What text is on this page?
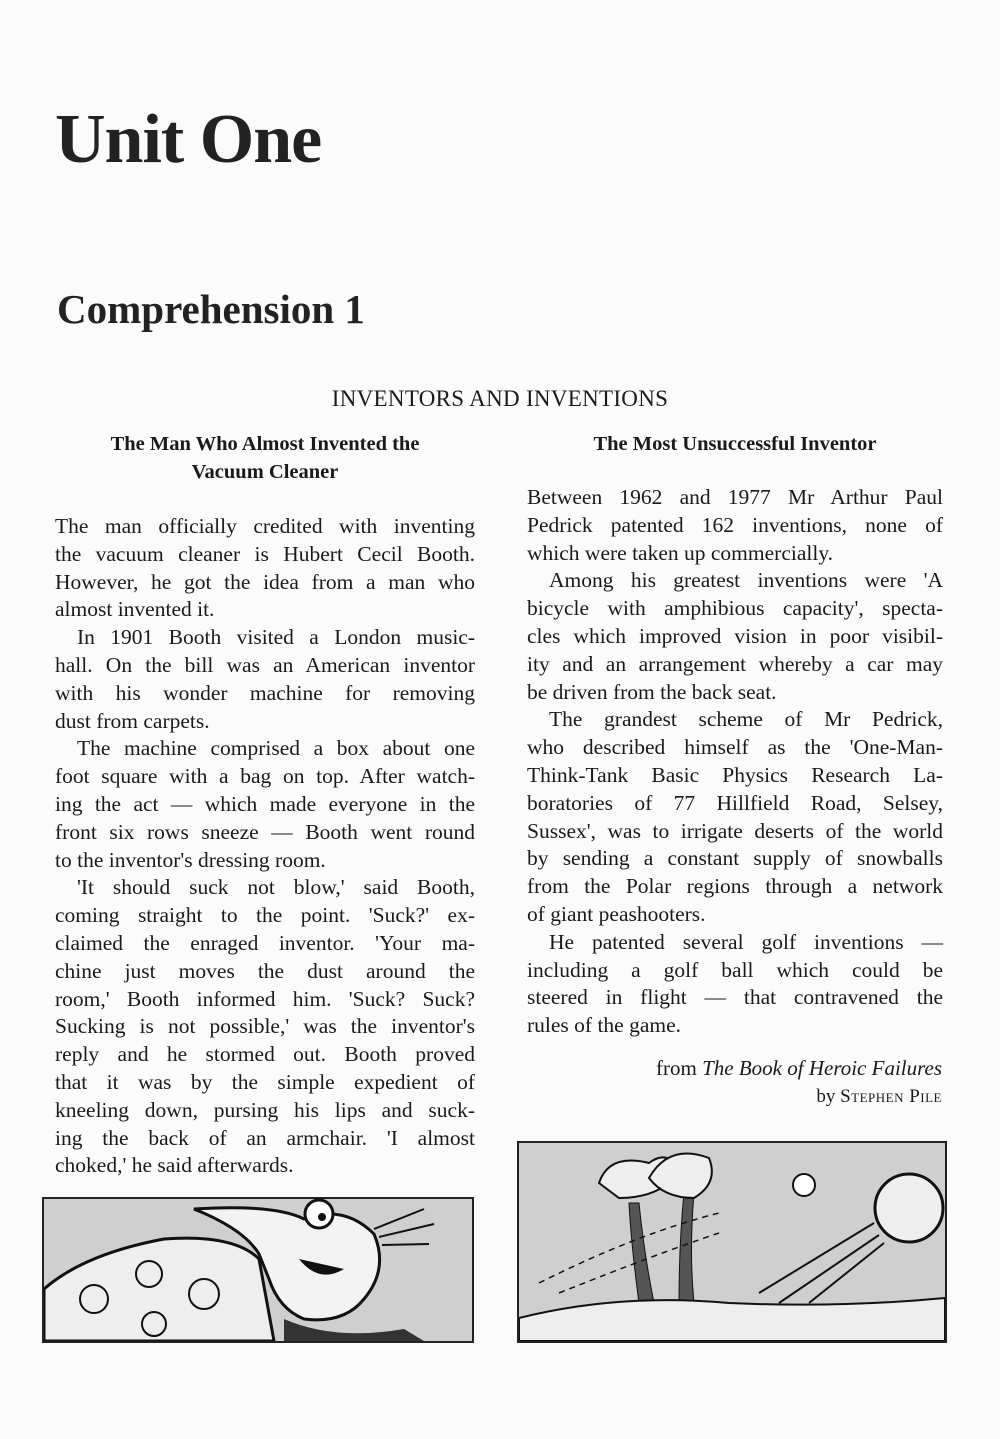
Unit One
Comprehension 1
INVENTORS AND INVENTIONS
The Man Who Almost Invented the
Vacuum Cleaner
The man officially credited with inventing
the vacuum cleaner is Hubert Cecil Booth.
However, he got the idea from a man who
almost invented it.
In 1901 Booth visited a London music-
hall. On the bill was an American inventor
with his wonder machine for removing
dust from carpets.
The machine comprised a box about one
foot square with a bag on top. After watch-
ing the act — which made everyone in the
front six rows sneeze — Booth went round
to the inventor's dressing room.
'It should suck not blow,' said Booth,
coming straight to the point. 'Suck?' ex-
claimed the enraged inventor. 'Your ma-
chine just moves the dust around the
room,' Booth informed him. 'Suck? Suck?
Sucking is not possible,' was the inventor's
reply and he stormed out. Booth proved
that it was by the simple expedient of
kneeling down, pursing his lips and suck-
ing the back of an armchair. 'I almost
choked,' he said afterwards.
The Most Unsuccessful Inventor
Between 1962 and 1977 Mr Arthur Paul
Pedrick patented 162 inventions, none of
which were taken up commercially.
Among his greatest inventions were 'A
bicycle with amphibious capacity', specta-
cles which improved vision in poor visibil-
ity and an arrangement whereby a car may
be driven from the back seat.
The grandest scheme of Mr Pedrick,
who described himself as the 'One-Man-
Think-Tank Basic Physics Research La-
boratories of 77 Hillfield Road, Selsey,
Sussex', was to irrigate deserts of the world
by sending a constant supply of snowballs
from the Polar regions through a network
of giant peashooters.
He patented several golf inventions —
including a golf ball which could be
steered in flight — that contravened the
rules of the game.
from The Book of Heroic Failures
by Stephen Pile
